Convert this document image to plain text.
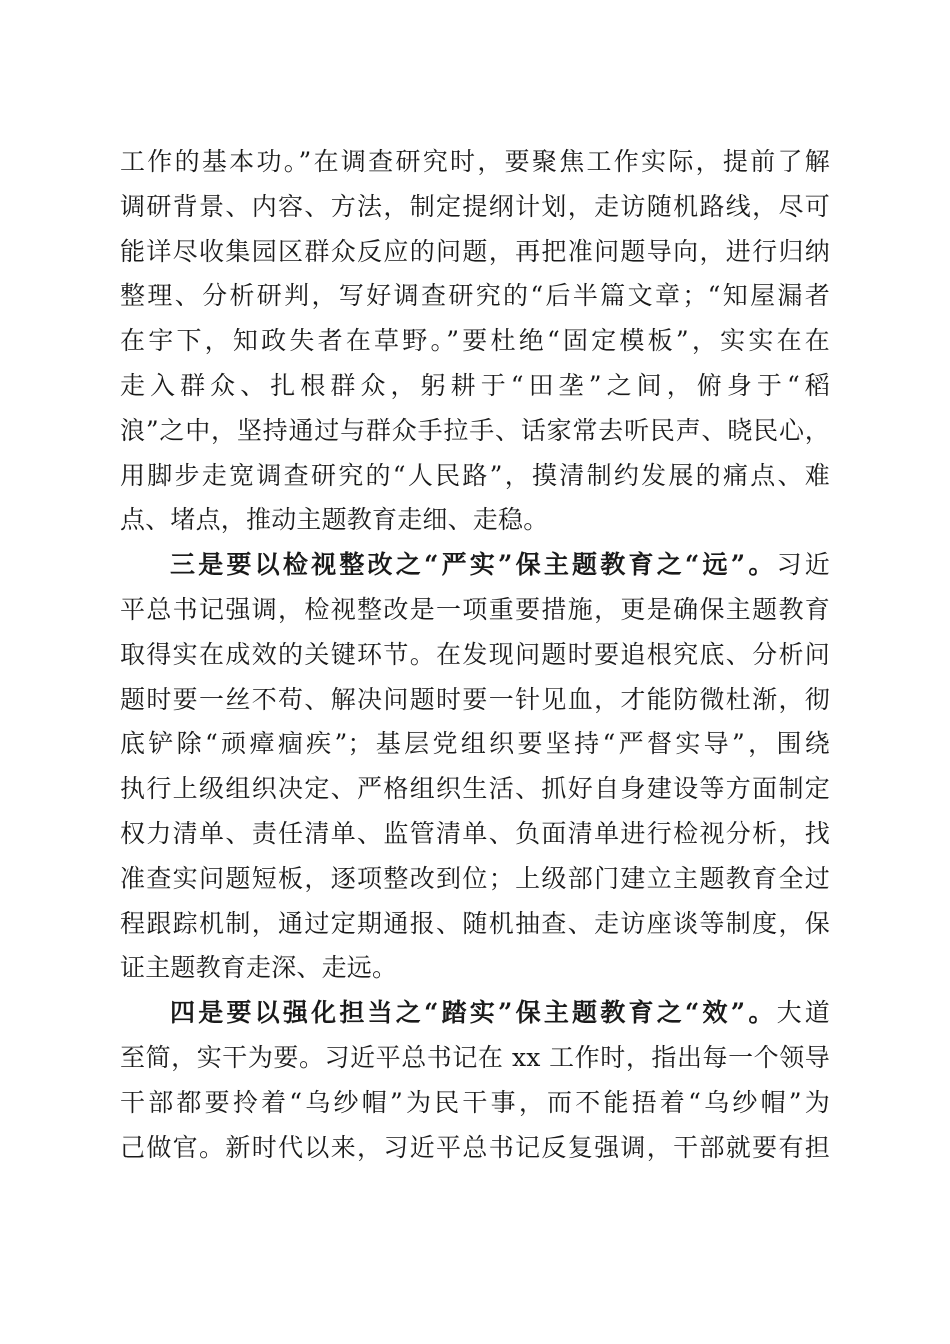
工作的基本功。”在调查研究时，要聚焦工作实际，提前了解
调研背景、内容、方法，制定提纲计划，走访随机路线，尽可
能详尽收集园区群众反应的问题，再把准问题导向，进行归纳
整理、分析研判，写好调查研究的“后半篇文章；“知屋漏者
在宇下，知政失者在草野。”要杜绝“固定模板”，实实在在
走入群众、扎根群众，躬耕于“田垄”之间，俯身于“稻
浪”之中，坚持通过与群众手拉手、话家常去听民声、晓民心，
用脚步走宽调查研究的“人民路”，摸清制约发展的痛点、难
点、堵点，推动主题教育走细、走稳。
三是要以检视整改之“严实”保主题教育之“远”。习近
平总书记强调，检视整改是一项重要措施，更是确保主题教育
取得实在成效的关键环节。在发现问题时要追根究底、分析问
题时要一丝不苟、解决问题时要一针见血，才能防微杜渐，彻
底铲除“顽瘴痼疾”；基层党组织要坚持“严督实导”，围绕
执行上级组织决定、严格组织生活、抓好自身建设等方面制定
权力清单、责任清单、监管清单、负面清单进行检视分析，找
准查实问题短板，逐项整改到位；上级部门建立主题教育全过
程跟踪机制，通过定期通报、随机抽查、走访座谈等制度，保
证主题教育走深、走远。
四是要以强化担当之“踏实”保主题教育之“效”。大道
至简，实干为要。习近平总书记在 xx 工作时，指出每一个领导
干部都要拎着“乌纱帽”为民干事，而不能捂着“乌纱帽”为
己做官。新时代以来，习近平总书记反复强调，干部就要有担
